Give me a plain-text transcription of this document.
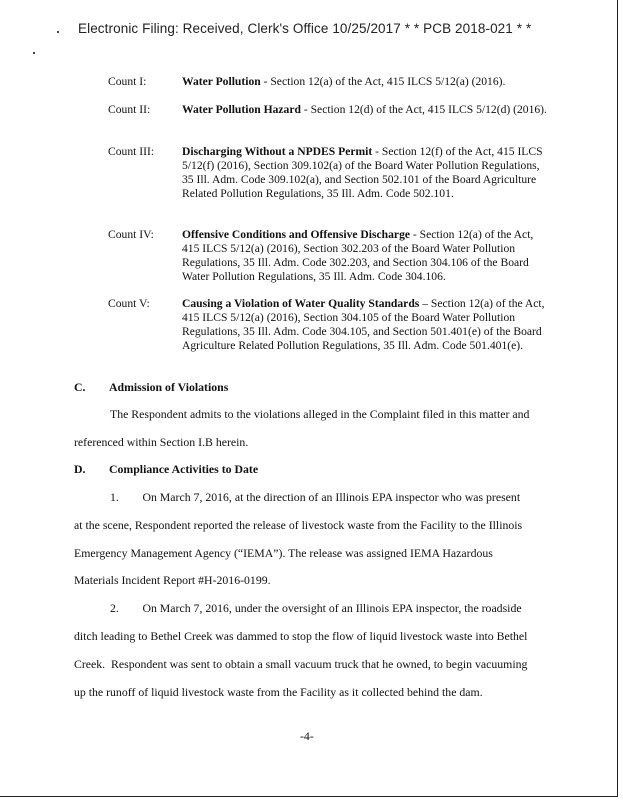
Electronic Filing: Received, Clerk's Office 10/25/2017 * * PCB 2018-021 * *
Count I:	Water Pollution - Section 12(a) of the Act, 415 ILCS 5/12(a) (2016).
Count II:	Water Pollution Hazard - Section 12(d) of the Act, 415 ILCS 5/12(d) (2016).
Count III:	Discharging Without a NPDES Permit - Section 12(f) of the Act, 415 ILCS 5/12(f) (2016), Section 309.102(a) of the Board Water Pollution Regulations, 35 Ill. Adm. Code 309.102(a), and Section 502.101 of the Board Agriculture Related Pollution Regulations, 35 Ill. Adm. Code 502.101.
Count IV:	Offensive Conditions and Offensive Discharge - Section 12(a) of the Act, 415 ILCS 5/12(a) (2016), Section 302.203 of the Board Water Pollution Regulations, 35 Ill. Adm. Code 302.203, and Section 304.106 of the Board Water Pollution Regulations, 35 Ill. Adm. Code 304.106.
Count V:	Causing a Violation of Water Quality Standards – Section 12(a) of the Act, 415 ILCS 5/12(a) (2016), Section 304.105 of the Board Water Pollution Regulations, 35 Ill. Adm. Code 304.105, and Section 501.401(e) of the Board Agriculture Related Pollution Regulations, 35 Ill. Adm. Code 501.401(e).
C. Admission of Violations
The Respondent admits to the violations alleged in the Complaint filed in this matter and
referenced within Section I.B herein.
D. Compliance Activities to Date
1.        On March 7, 2016, at the direction of an Illinois EPA inspector who was present
at the scene, Respondent reported the release of livestock waste from the Facility to the Illinois
Emergency Management Agency (“IEMA”). The release was assigned IEMA Hazardous
Materials Incident Report #H-2016-0199.
2.        On March 7, 2016, under the oversight of an Illinois EPA inspector, the roadside
ditch leading to Bethel Creek was dammed to stop the flow of liquid livestock waste into Bethel
Creek.  Respondent was sent to obtain a small vacuum truck that he owned, to begin vacuuming
up the runoff of liquid livestock waste from the Facility as it collected behind the dam.
-4-
